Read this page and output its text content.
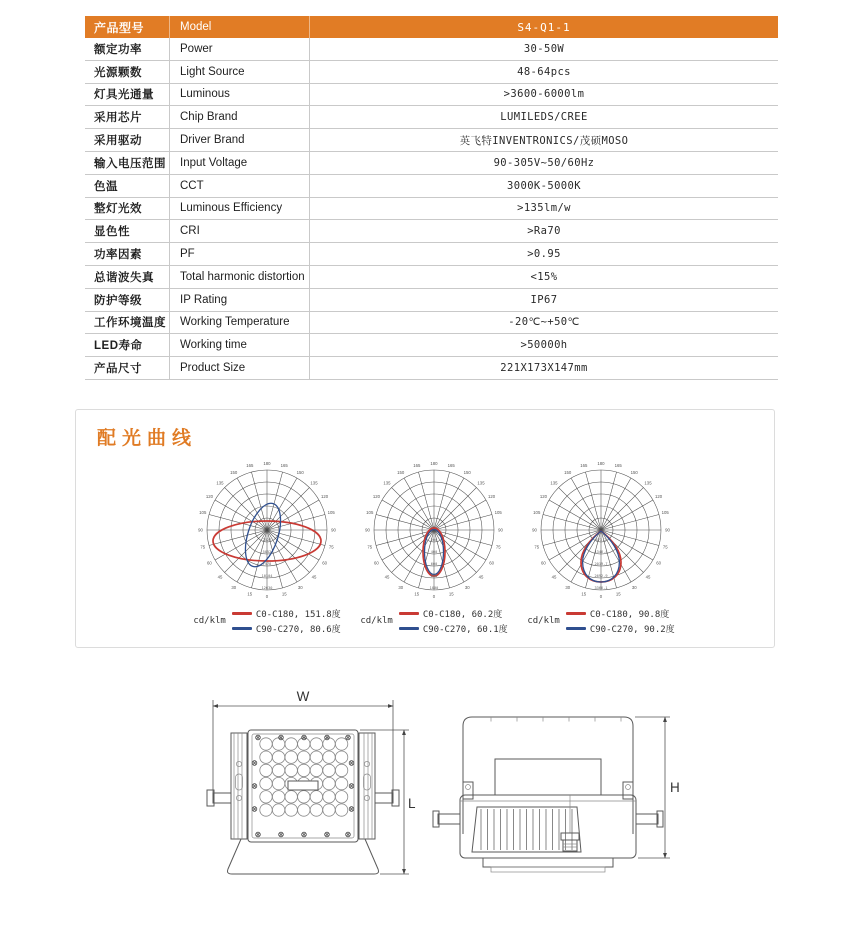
产品型号	Model	S4-Q1-1
额定功率	Power	30-50W
光源颗数	Light Source	48-64pcs
灯具光通量	Luminous	>3600-6000lm
采用芯片	Chip Brand	LUMILEDS/CREE
采用驱动	Driver Brand	英飞特INVENTRONICS/茂硕MOSO
输入电压范围	Input Voltage	90-305V~50/60Hz
色温	CCT	3000K-5000K
整灯光效	Luminous Efficiency	>135lm/w
显色性	CRI	>Ra70
功率因素	PF	>0.95
总谐波失真	Total harmonic distortion	<15%
防护等级	IP Rating	IP67
工作环境温度	Working Temperature	-20℃~+50℃
LED寿命	Working time	>50000h
产品尺寸	Product Size	221X173X147mm
配光曲线
0	15
15
30
30
45
45
60
60
75
75
90
90
105
105
120
120
135
135
150
150
165
165 180
2526
5052
7578
10104
12630
cd/klm
C0-C180, 151.8度
C90-C270, 80.6度
0	15
15
30
30
45
45
60
60
75
75
90
90
105
105
120
120
135
135
150
150
165
165 180
200
400
600
800
1000
cd/klm
C0-C180, 60.2度
C90-C270, 60.1度
0	15
15
30
30
45
45
60
60
75
75
90
90
105
105
120
120
135
135
150
150
165
165 180
673.2
1346.4
2019.7
2692.9
3366.1
cd/klm
C0-C180, 90.8度
C90-C270, 90.2度
W
L
H
